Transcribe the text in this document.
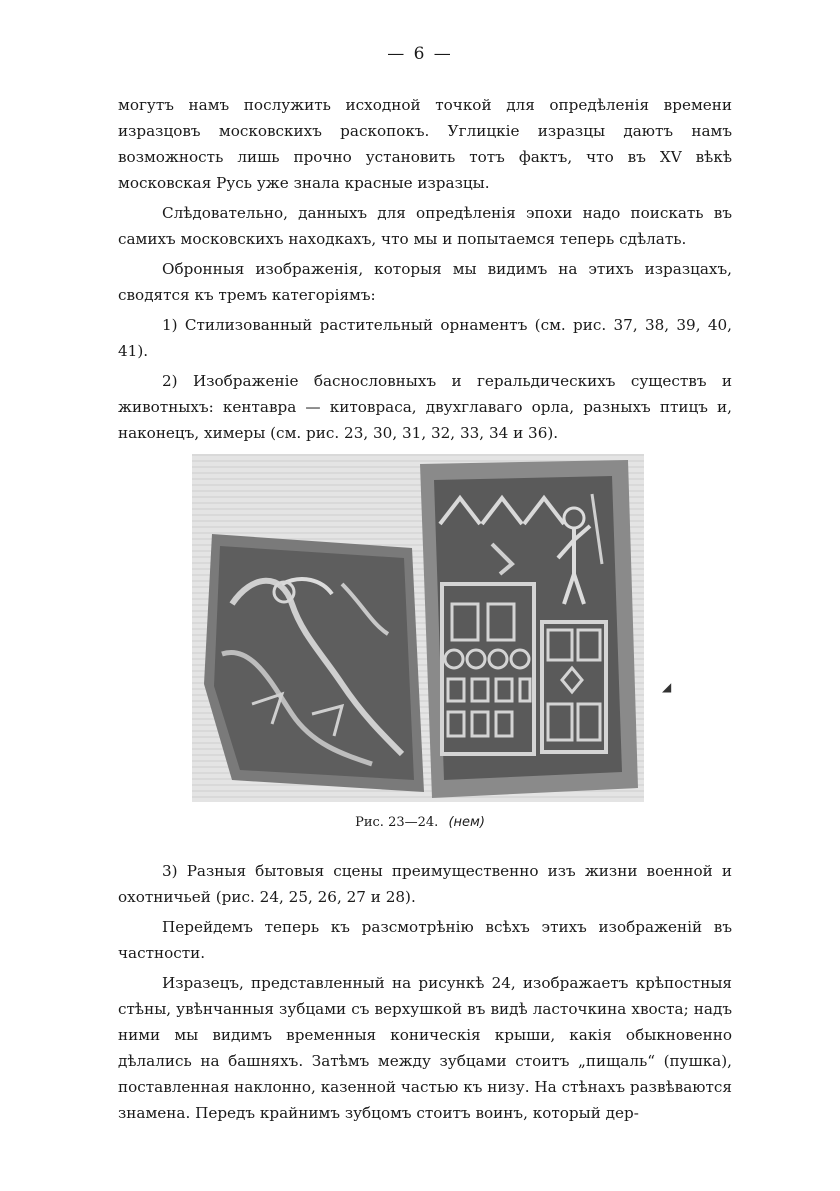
— 6 —

могутъ намъ послужить исходной точкой для опредѣленія времени изразцовъ московскихъ раскопокъ. Углицкіе изразцы даютъ намъ возможность лишь прочно установить тотъ фактъ, что въ XV вѣкѣ московская Русь уже знала красные изразцы.

Слѣдовательно, данныхъ для опредѣленія эпохи надо поискать въ самихъ московскихъ находкахъ, что мы и попытаемся теперь сдѣлать.

Обронныя изображенія, которыя мы видимъ на этихъ изразцахъ, сводятся къ тремъ категоріямъ:

1) Стилизованный растительный орнаментъ (см. рис. 37, 38, 39, 40, 41).

2) Изображеніе баснословныхъ и геральдическихъ существъ и животныхъ: кентавра — китовраса, двухглаваго орла, разныхъ птицъ и, наконецъ, химеры (см. рис. 23, 30, 31, 32, 33, 34 и 36).

Рис. 23—24. (нем)

3) Разныя бытовыя сцены преимущественно изъ жизни военной и охотничьей (рис. 24, 25, 26, 27 и 28).

Перейдемъ теперь къ разсмотрѣнію всѣхъ этихъ изображеній въ частности.

Изразецъ, представленный на рисункѣ 24, изображаетъ крѣпостныя стѣны, увѣнчанныя зубцами съ верхушкой въ видѣ ласточкина хвоста; надъ ними мы видимъ временныя коническія крыши, какія обыкновенно дѣлались на башняхъ. Затѣмъ между зубцами стоитъ „пищаль“ (пушка), поставленная наклонно, казенной частью къ низу. На стѣнахъ развѣваются знамена. Передъ крайнимъ зубцомъ стоитъ воинъ, который дер-

◢
